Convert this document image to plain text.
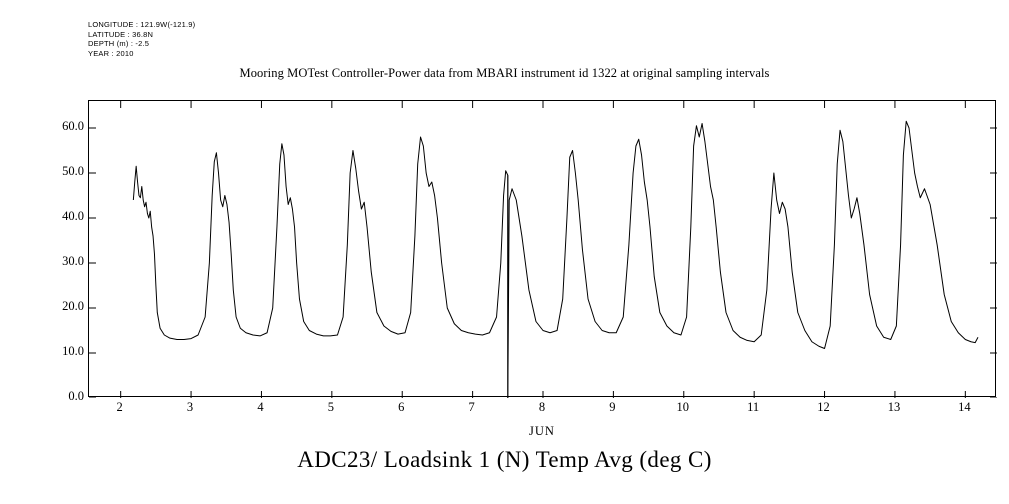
LONGITUDE : 121.9W(-121.9)
LATITUDE : 36.8N
DEPTH (m) : -2.5
YEAR : 2010
Mooring MOTest Controller-Power data from MBARI instrument id 1322 at original sampling intervals
0.0
10.0
20.0
30.0
40.0
50.0
60.0
2	3	4	5	6	7	8	9	10	11	12	13	14
JUN
ADC23/ Loadsink 1 (N) Temp Avg (deg C)
